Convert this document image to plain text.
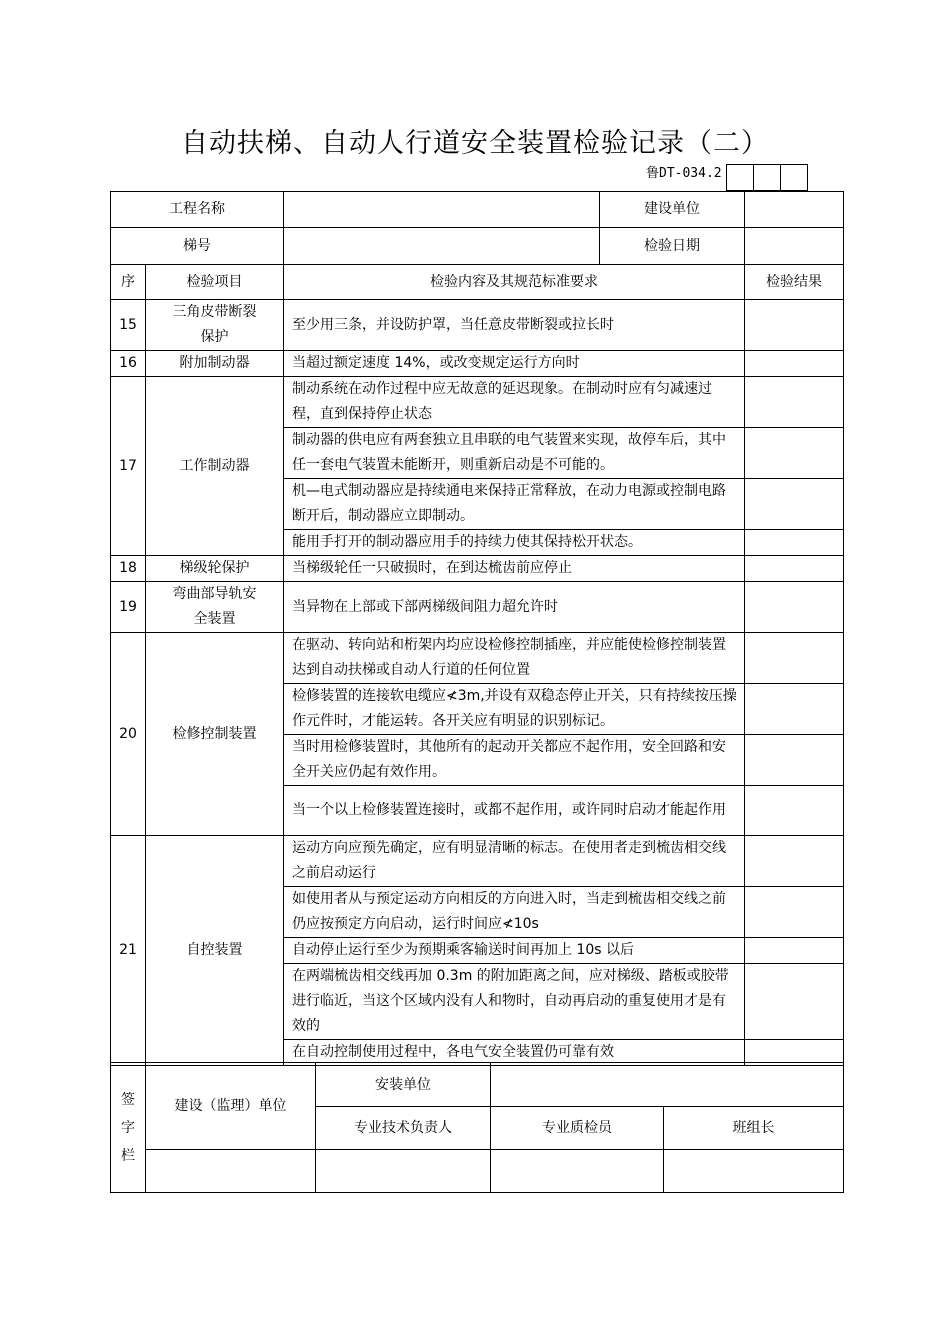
自动扶梯、自动人行道安全装置检验记录（二）
鲁DT-034.2
工程名称			建设单位	
梯号			检验日期	
序	检验项目	检验内容及其规范标准要求		检验结果
15	三角皮带断裂保护	至少用三条，并设防护罩，当任意皮带断裂或拉长时		
16	附加制动器	当超过额定速度 14%，或改变规定运行方向时		
17	工作制动器	制动系统在动作过程中应无故意的延迟现象。在制动时应有匀减速过程，直到保持停止状态		
		制动器的供电应有两套独立且串联的电气装置来实现，故停车后，其中任一套电气装置未能断开，则重新启动是不可能的。		
		机—电式制动器应是持续通电来保持正常释放，在动力电源或控制电路断开后，制动器应立即制动。		
		能用手打开的制动器应用手的持续力使其保持松开状态。		
18	梯级轮保护	当梯级轮任一只破损时，在到达梳齿前应停止		
19	弯曲部导轨安全装置	当异物在上部或下部两梯级间阻力超允许时		
20	检修控制装置	在驱动、转向站和桁架内均应设检修控制插座，并应能使检修控制装置达到自动扶梯或自动人行道的任何位置		
		检修装置的连接软电缆应≮3m,并设有双稳态停止开关，只有持续按压操作元件时，才能运转。各开关应有明显的识别标记。		
		当时用检修装置时，其他所有的起动开关都应不起作用，安全回路和安全开关应仍起有效作用。		
		当一个以上检修装置连接时，或都不起作用，或许同时启动才能起作用		
21	自控装置	运动方向应预先确定，应有明显清晰的标志。在使用者走到梳齿相交线之前启动运行		
		如使用者从与预定运动方向相反的方向进入时，当走到梳齿相交线之前仍应按预定方向启动，运行时间应≮10s		
		自动停止运行至少为预期乘客输送时间再加上 10s 以后		
		在两端梳齿相交线再加 0.3m 的附加距离之间，应对梯级、踏板或胶带进行临近，当这个区域内没有人和物时，自动再启动的重复使用才是有效的		
		在自动控制使用过程中，各电气安全装置仍可靠有效		
签字栏	建设（监理）单位	安装单位		
		专业技术负责人	专业质检员	班组长
